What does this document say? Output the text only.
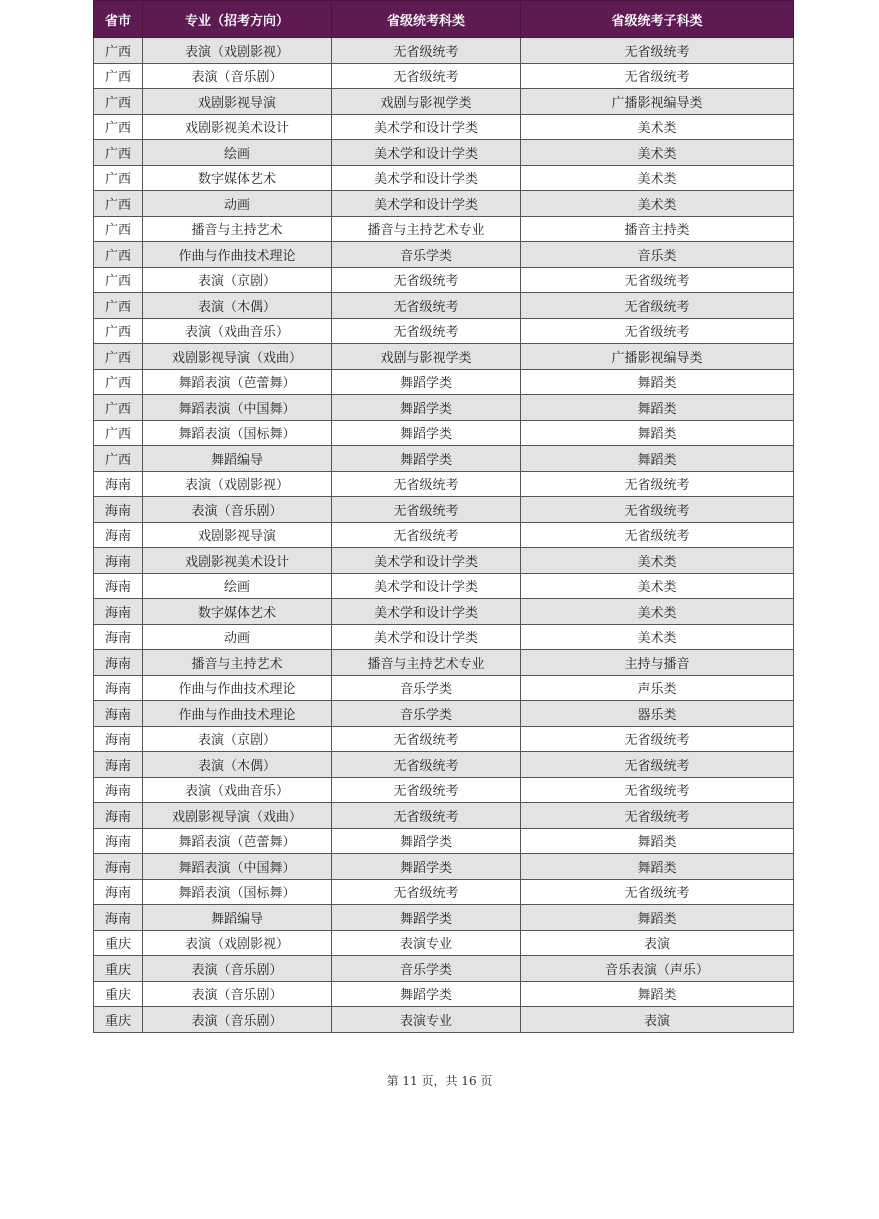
省市	专业（招考方向）	省级统考科类	省级统考子科类
广西	表演（戏剧影视）	无省级统考	无省级统考
广西	表演（音乐剧）	无省级统考	无省级统考
广西	戏剧影视导演	戏剧与影视学类	广播影视编导类
广西	戏剧影视美术设计	美术学和设计学类	美术类
广西	绘画	美术学和设计学类	美术类
广西	数字媒体艺术	美术学和设计学类	美术类
广西	动画	美术学和设计学类	美术类
广西	播音与主持艺术	播音与主持艺术专业	播音主持类
广西	作曲与作曲技术理论	音乐学类	音乐类
广西	表演（京剧）	无省级统考	无省级统考
广西	表演（木偶）	无省级统考	无省级统考
广西	表演（戏曲音乐）	无省级统考	无省级统考
广西	戏剧影视导演（戏曲）	戏剧与影视学类	广播影视编导类
广西	舞蹈表演（芭蕾舞）	舞蹈学类	舞蹈类
广西	舞蹈表演（中国舞）	舞蹈学类	舞蹈类
广西	舞蹈表演（国标舞）	舞蹈学类	舞蹈类
广西	舞蹈编导	舞蹈学类	舞蹈类
海南	表演（戏剧影视）	无省级统考	无省级统考
海南	表演（音乐剧）	无省级统考	无省级统考
海南	戏剧影视导演	无省级统考	无省级统考
海南	戏剧影视美术设计	美术学和设计学类	美术类
海南	绘画	美术学和设计学类	美术类
海南	数字媒体艺术	美术学和设计学类	美术类
海南	动画	美术学和设计学类	美术类
海南	播音与主持艺术	播音与主持艺术专业	主持与播音
海南	作曲与作曲技术理论	音乐学类	声乐类
海南	作曲与作曲技术理论	音乐学类	器乐类
海南	表演（京剧）	无省级统考	无省级统考
海南	表演（木偶）	无省级统考	无省级统考
海南	表演（戏曲音乐）	无省级统考	无省级统考
海南	戏剧影视导演（戏曲）	无省级统考	无省级统考
海南	舞蹈表演（芭蕾舞）	舞蹈学类	舞蹈类
海南	舞蹈表演（中国舞）	舞蹈学类	舞蹈类
海南	舞蹈表演（国标舞）	无省级统考	无省级统考
海南	舞蹈编导	舞蹈学类	舞蹈类
重庆	表演（戏剧影视）	表演专业	表演
重庆	表演（音乐剧）	音乐学类	音乐表演（声乐）
重庆	表演（音乐剧）	舞蹈学类	舞蹈类
重庆	表演（音乐剧）	表演专业	表演
第 11 页，共 16 页
